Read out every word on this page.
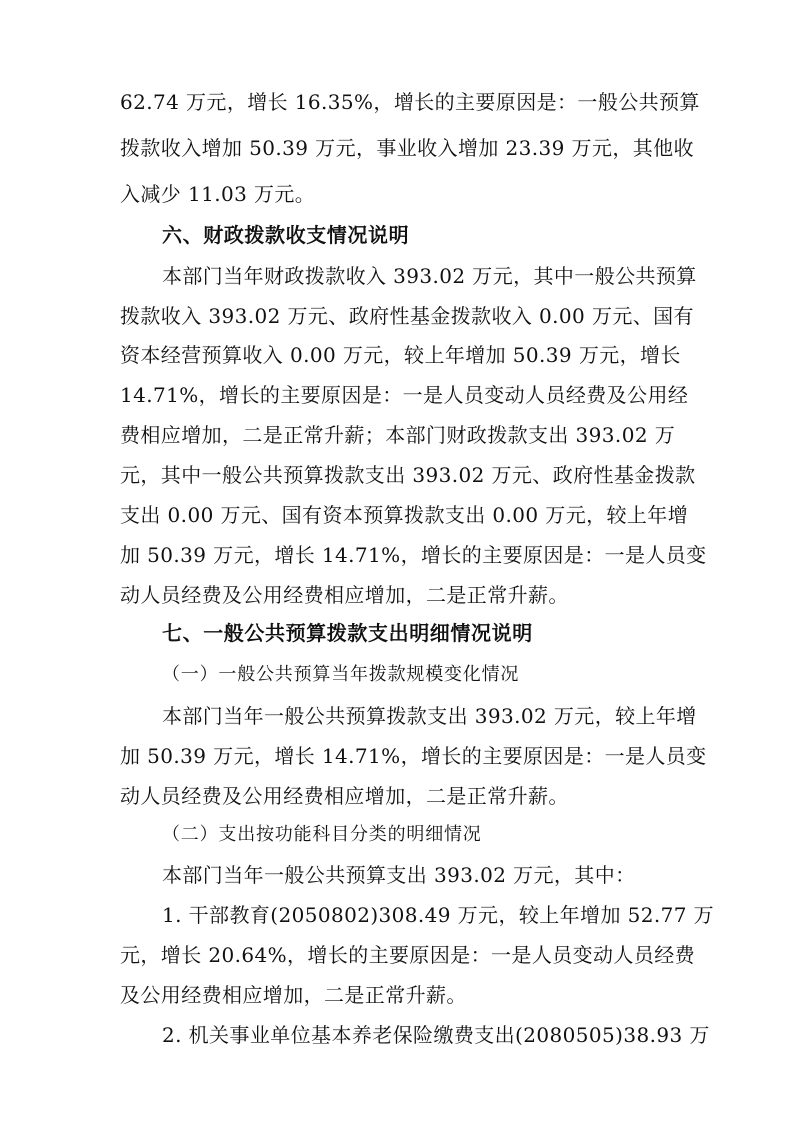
62.74 万元，增长 16.35%，增长的主要原因是：一般公共预算
拨款收入增加 50.39 万元，事业收入增加 23.39 万元，其他收
入减少 11.03 万元。
六、财政拨款收支情况说明
本部门当年财政拨款收入 393.02 万元，其中一般公共预算
拨款收入 393.02 万元、政府性基金拨款收入 0.00 万元、国有
资本经营预算收入 0.00 万元，较上年增加 50.39 万元，增长
14.71%，增长的主要原因是：一是人员变动人员经费及公用经
费相应增加，二是正常升薪；本部门财政拨款支出 393.02 万
元，其中一般公共预算拨款支出 393.02 万元、政府性基金拨款
支出 0.00 万元、国有资本预算拨款支出 0.00 万元，较上年增
加 50.39 万元，增长 14.71%，增长的主要原因是：一是人员变
动人员经费及公用经费相应增加，二是正常升薪。
七、一般公共预算拨款支出明细情况说明
（一）一般公共预算当年拨款规模变化情况
本部门当年一般公共预算拨款支出 393.02 万元，较上年增
加 50.39 万元，增长 14.71%，增长的主要原因是：一是人员变
动人员经费及公用经费相应增加，二是正常升薪。
（二）支出按功能科目分类的明细情况
本部门当年一般公共预算支出 393.02 万元，其中：
1. 干部教育(2050802)308.49 万元，较上年增加 52.77 万
元，增长 20.64%，增长的主要原因是：一是人员变动人员经费
及公用经费相应增加，二是正常升薪。
2. 机关事业单位基本养老保险缴费支出(2080505)38.93 万
